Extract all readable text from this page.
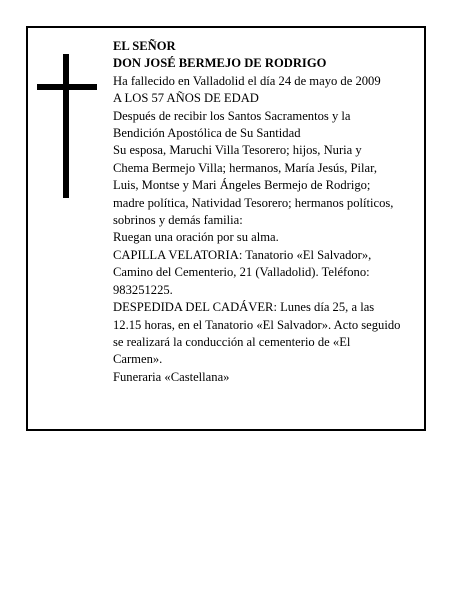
EL SEÑOR
DON JOSÉ BERMEJO DE RODRIGO
Ha fallecido en Valladolid el día 24 de mayo de 2009
A LOS 57 AÑOS DE EDAD
Después de recibir los Santos Sacramentos y la
Bendición Apostólica de Su Santidad
Su esposa, Maruchi Villa Tesorero; hijos, Nuria y
Chema Bermejo Villa; hermanos, María Jesús, Pilar,
Luis, Montse y Mari Ángeles Bermejo de Rodrigo;
madre política, Natividad Tesorero; hermanos políticos,
sobrinos y demás familia:
Ruegan una oración por su alma.
CAPILLA VELATORIA: Tanatorio «El Salvador»,
Camino del Cementerio, 21 (Valladolid). Teléfono:
983251225.
DESPEDIDA DEL CADÁVER: Lunes día 25, a las
12.15 horas, en el Tanatorio «El Salvador». Acto seguido
se realizará la conducción al cementerio de «El
Carmen».
Funeraria «Castellana»
